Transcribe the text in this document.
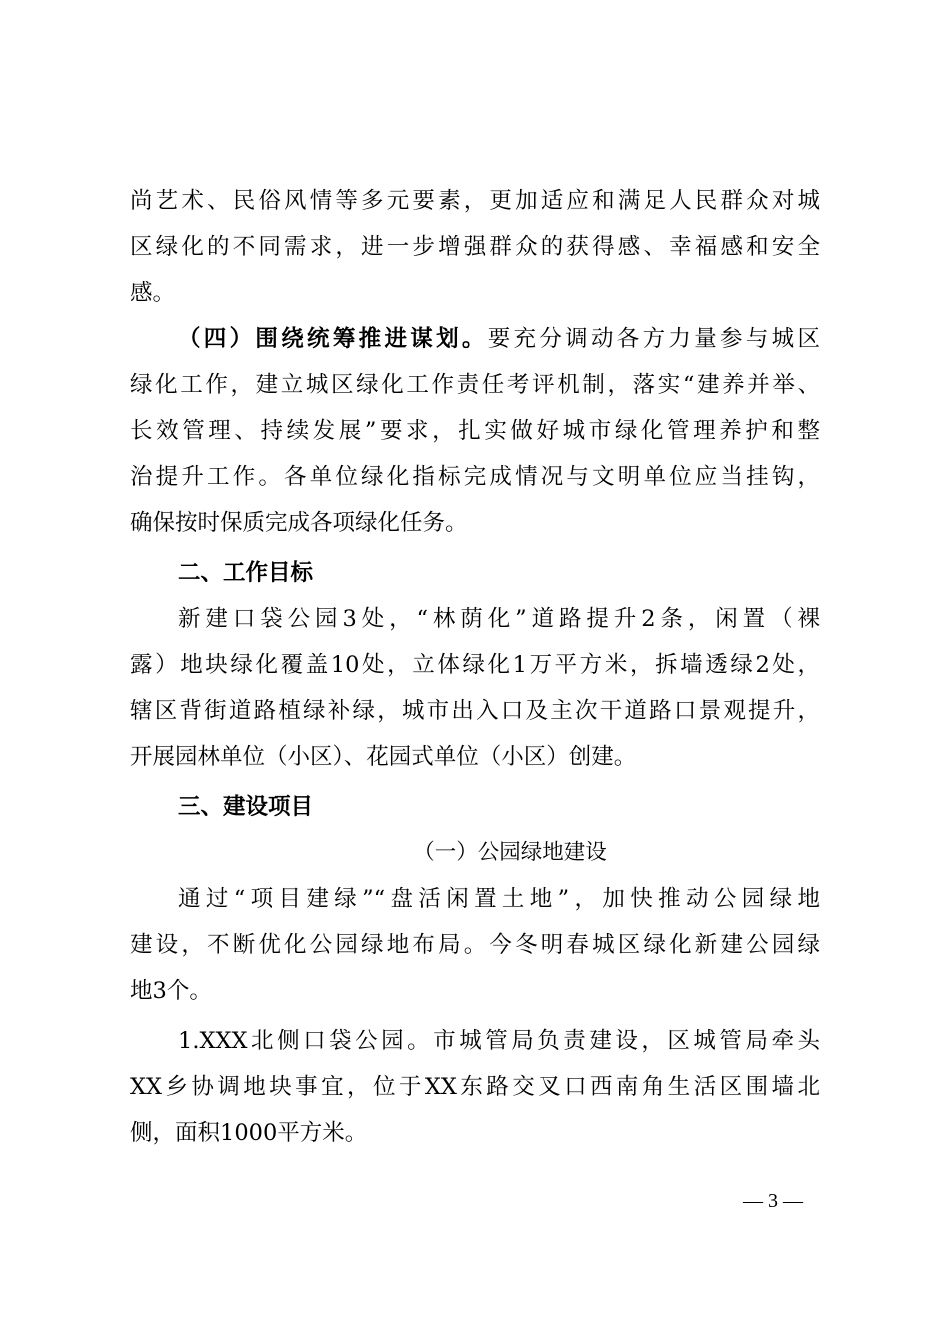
尚艺术、民俗风情等多元要素，更加适应和满足人民群众对城
区绿化的不同需求，进一步增强群众的获得感、幸福感和安全
感。
（四）围绕统筹推进谋划。要充分调动各方力量参与城区
绿化工作，建立城区绿化工作责任考评机制，落实“建养并举、
长效管理、持续发展”要求，扎实做好城市绿化管理养护和整
治提升工作。各单位绿化指标完成情况与文明单位应当挂钩，
确保按时保质完成各项绿化任务。
二、工作目标
新建口袋公园3处，“林荫化”道路提升2条，闲置（裸
露）地块绿化覆盖10处，立体绿化1万平方米，拆墙透绿2处，
辖区背街道路植绿补绿，城市出入口及主次干道路口景观提升，
开展园林单位（小区）、花园式单位（小区）创建。
三、建设项目
（一）公园绿地建设
通过“项目建绿”“盘活闲置土地”，加快推动公园绿地
建设，不断优化公园绿地布局。今冬明春城区绿化新建公园绿
地3个。
1.XXX北侧口袋公园。市城管局负责建设，区城管局牵头
XX乡协调地块事宜，位于XX东路交叉口西南角生活区围墙北
侧，面积1000平方米。
— 3 —
